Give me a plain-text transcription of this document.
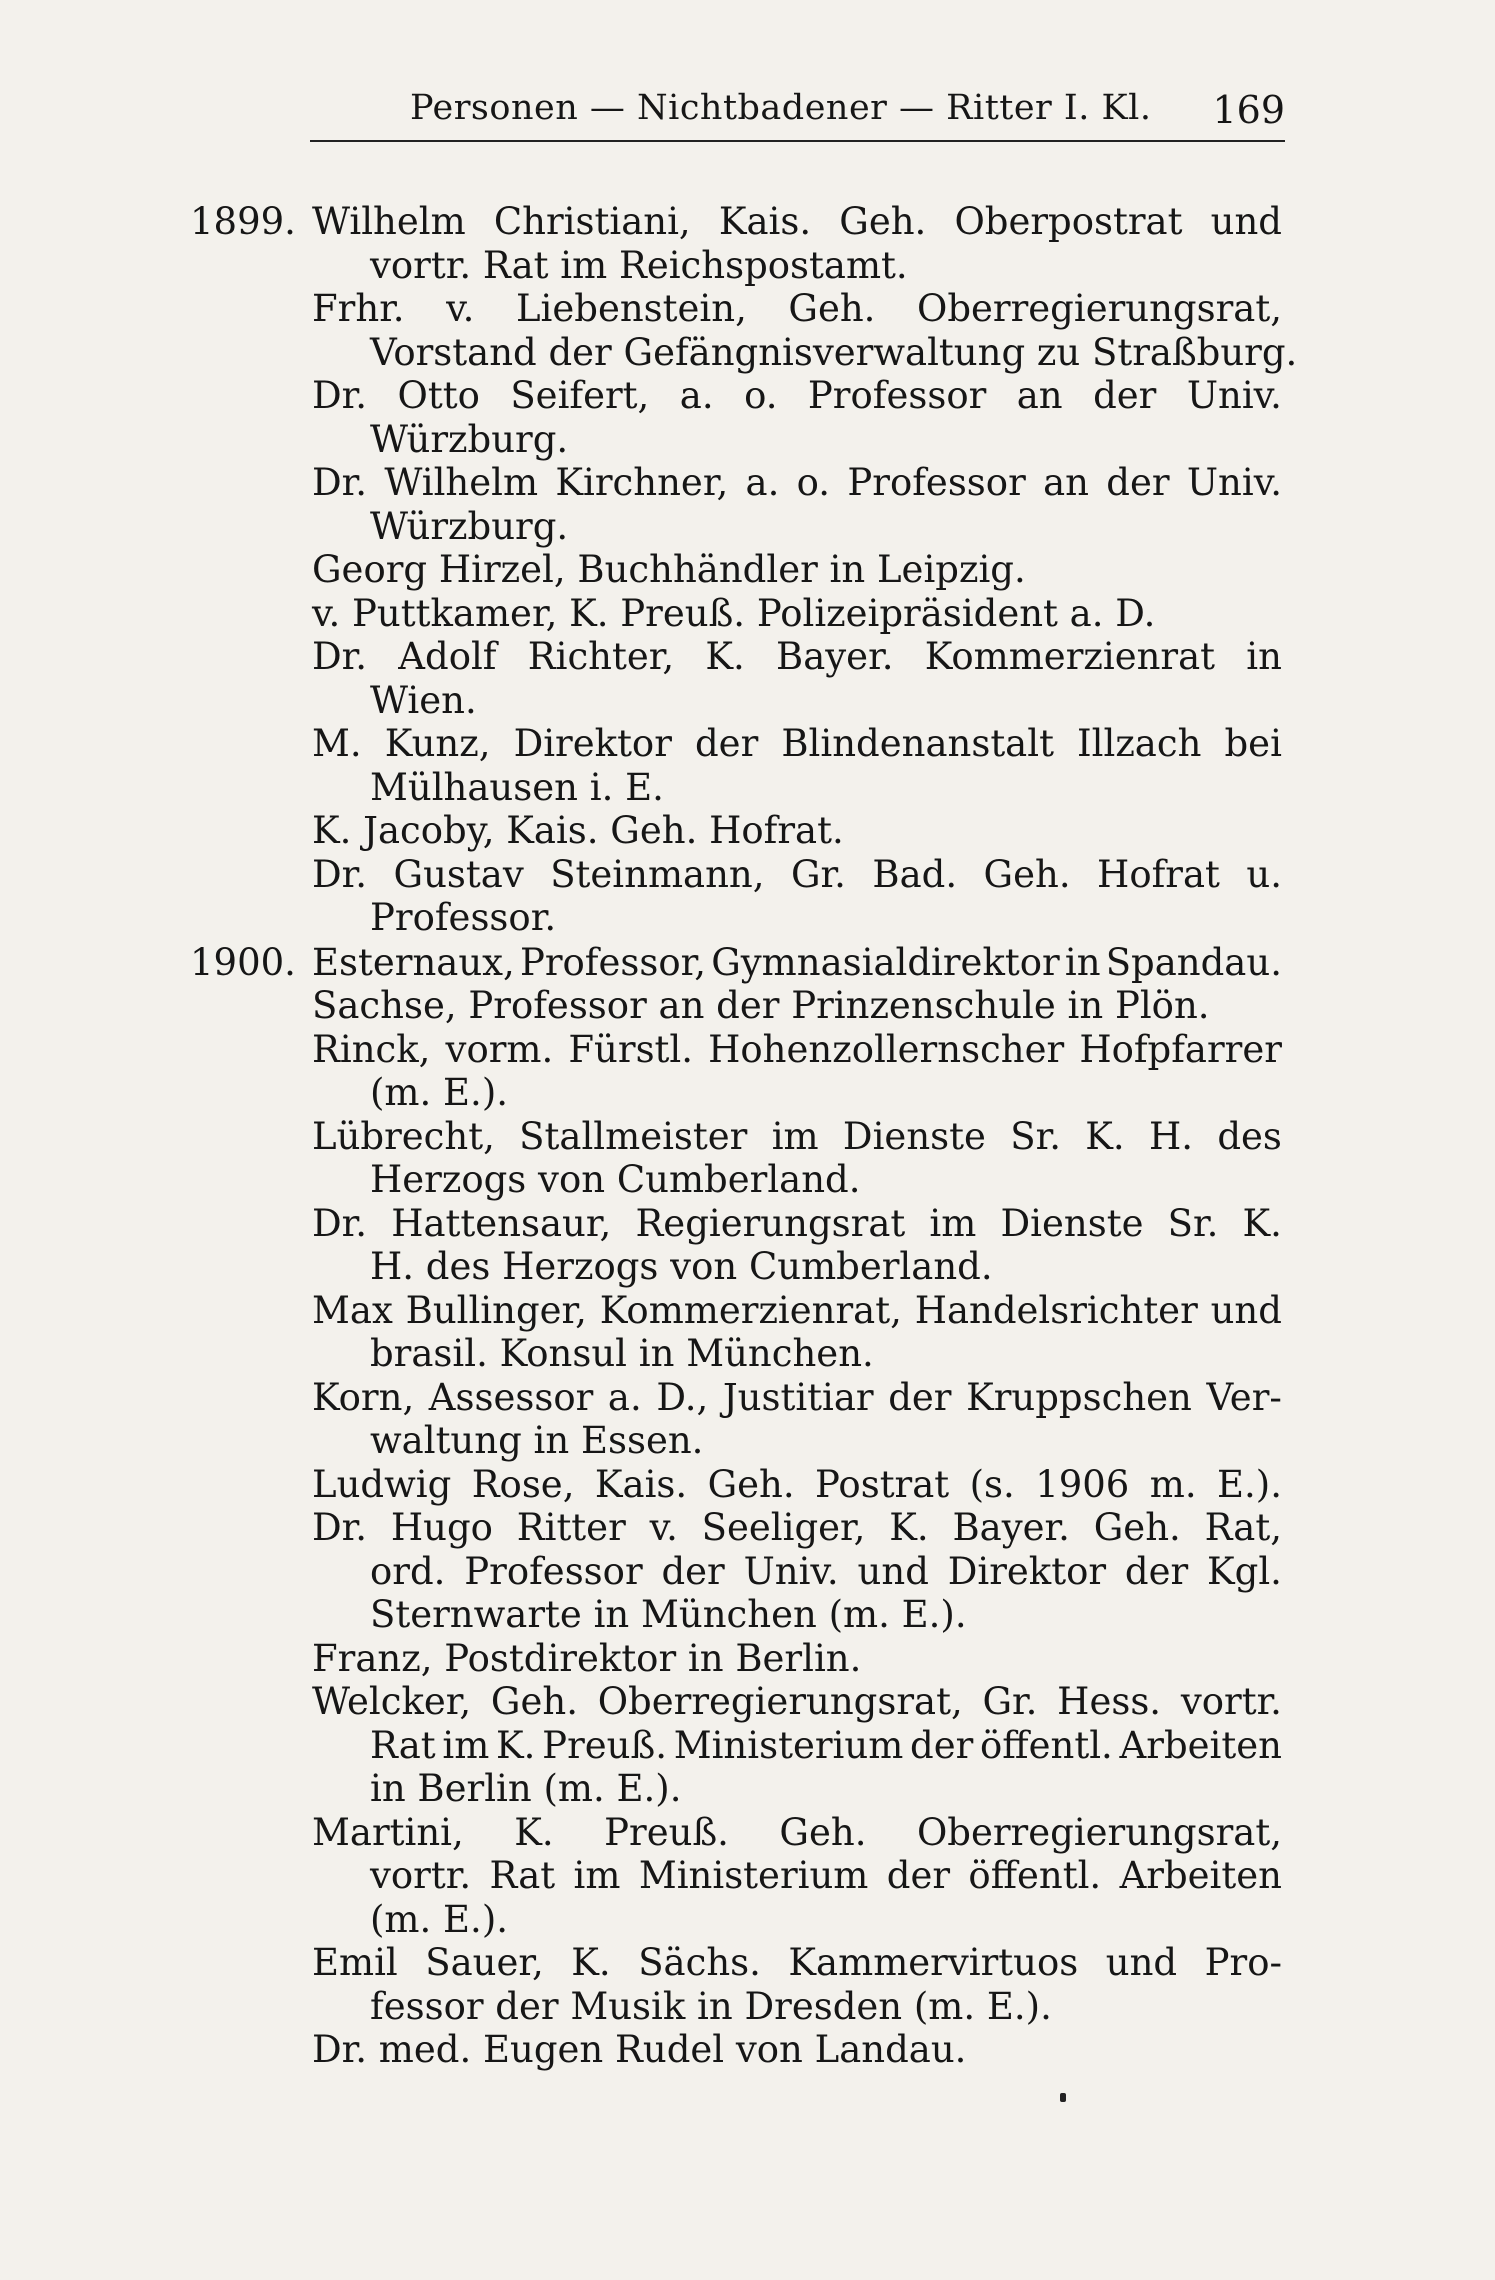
Personen — Nichtbadener — Ritter I. Kl. 169
1899.
1900.
Wilhelm Christiani, Kais. Geh. Oberpostrat und
vortr. Rat im Reichspostamt.
Frhr. v. Liebenstein, Geh. Oberregierungsrat,
Vorstand der Gefängnisverwaltung zu Straßburg.
Dr. Otto Seifert, a. o. Professor an der Univ.
Würzburg.
Dr. Wilhelm Kirchner, a. o. Professor an der Univ.
Würzburg.
Georg Hirzel, Buchhändler in Leipzig.
v. Puttkamer, K. Preuß. Polizeipräsident a. D.
Dr. Adolf Richter, K. Bayer. Kommerzienrat in
Wien.
M. Kunz, Direktor der Blindenanstalt Illzach bei
Mülhausen i. E.
K. Jacoby, Kais. Geh. Hofrat.
Dr. Gustav Steinmann, Gr. Bad. Geh. Hofrat u.
Professor.
Esternaux, Professor, Gymnasialdirektor in Spandau.
Sachse, Professor an der Prinzenschule in Plön.
Rinck, vorm. Fürstl. Hohenzollernscher Hofpfarrer
(m. E.).
Lübrecht, Stallmeister im Dienste Sr. K. H. des
Herzogs von Cumberland.
Dr. Hattensaur, Regierungsrat im Dienste Sr. K.
H. des Herzogs von Cumberland.
Max Bullinger, Kommerzienrat, Handelsrichter und
brasil. Konsul in München.
Korn, Assessor a. D., Justitiar der Kruppschen Ver-
waltung in Essen.
Ludwig Rose, Kais. Geh. Postrat (s. 1906 m. E.).
Dr. Hugo Ritter v. Seeliger, K. Bayer. Geh. Rat,
ord. Professor der Univ. und Direktor der Kgl.
Sternwarte in München (m. E.).
Franz, Postdirektor in Berlin.
Welcker, Geh. Oberregierungsrat, Gr. Hess. vortr.
Rat im K. Preuß. Ministerium der öffentl. Arbeiten
in Berlin (m. E.).
Martini, K. Preuß. Geh. Oberregierungsrat,
vortr. Rat im Ministerium der öffentl. Arbeiten
(m. E.).
Emil Sauer, K. Sächs. Kammervirtuos und Pro-
fessor der Musik in Dresden (m. E.).
Dr. med. Eugen Rudel von Landau.
